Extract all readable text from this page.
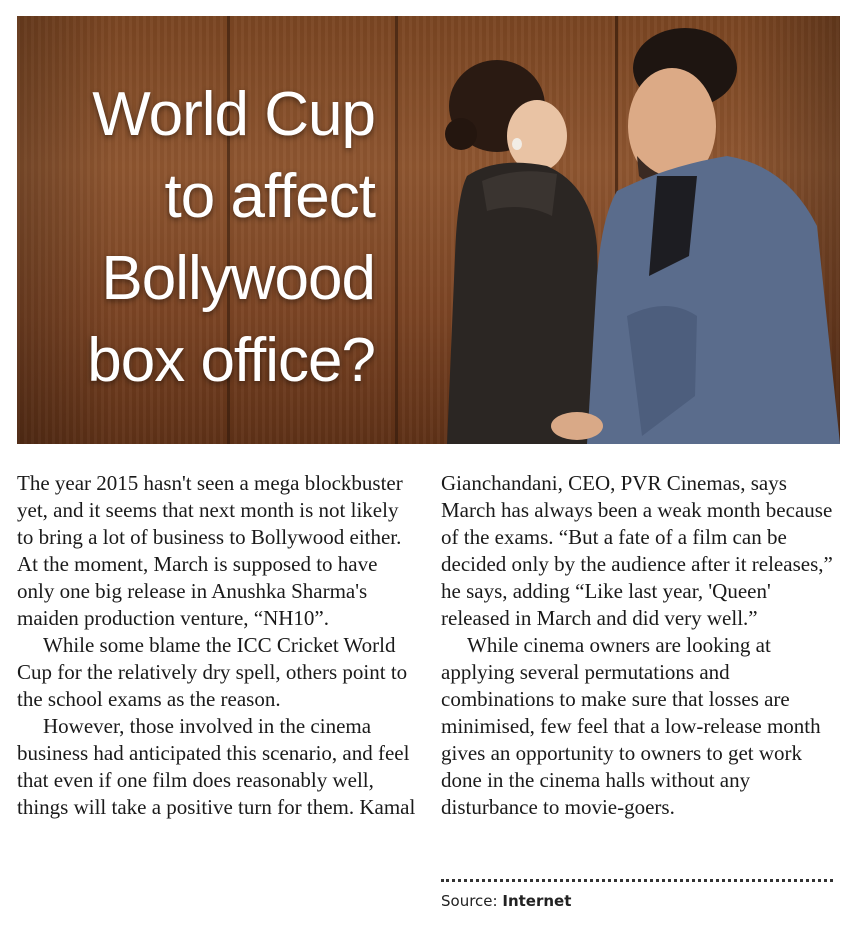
World Cup
to affect
Bollywood
box office?

The year 2015 hasn't seen a mega blockbuster yet, and it seems that next month is not likely to bring a lot of business to Bollywood either. At the moment, March is supposed to have only one big release in Anushka Sharma's maiden production venture, “NH10”.

While some blame the ICC Cricket World Cup for the relatively dry spell, others point to the school exams as the reason.

However, those involved in the cinema business had anticipated this scenario, and feel that even if one film does reasonably well, things will take a positive turn for them. Kamal

Gianchandani, CEO, PVR Cinemas, says March has always been a weak month because of the exams. “But a fate of a film can be decided only by the audience after it releases,” he says, adding “Like last year, 'Queen' released in March and did very well.”

While cinema owners are looking at applying several permutations and combinations to make sure that losses are minimised, few feel that a low-release month gives an opportunity to owners to get work done in the cinema halls without any disturbance to movie-goers.

Source: Internet
